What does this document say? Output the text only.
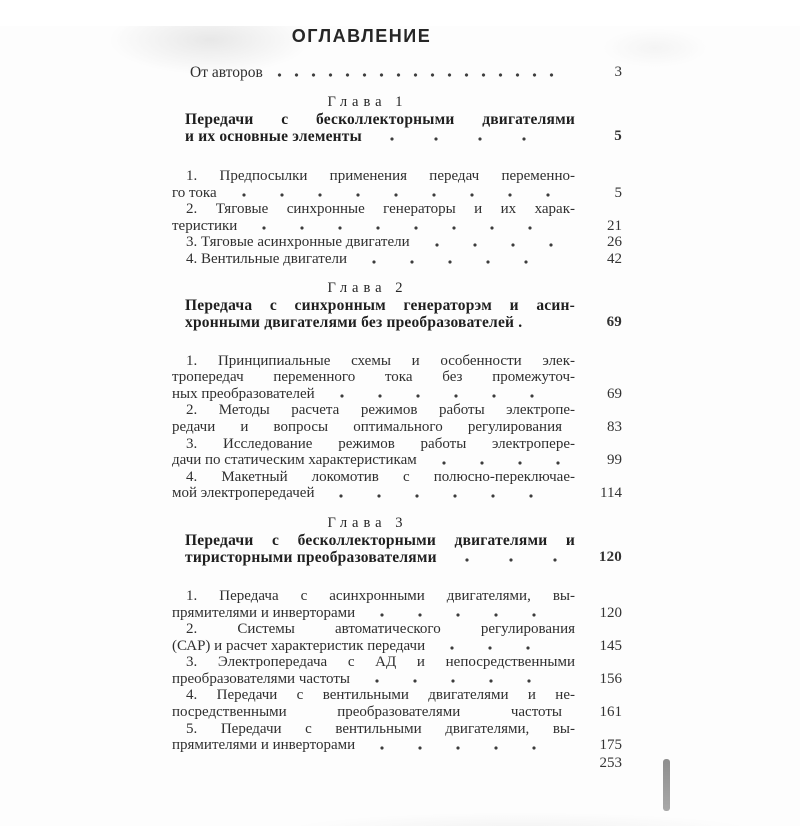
ОГЛАВЛЕНИЕ
От авторов	3
Глава 1
Передачи с бесколлекторными двигателями
и их основные элементы	5
1. Предпосылки применения передач переменно-
го тока	5
2. Тяговые синхронные генераторы и их харак-
теристики	21
3. Тяговые асинхронные двигатели	26
4. Вентильные двигатели	42
Глава 2
Передача с синхронным генераторэм и асин-
хронными двигателями без преобразователей .	69
1. Принципиальные схемы и особенности элек-
тропередач переменного тока без промежуточ-
ных преобразователей	69
2. Методы расчета режимов работы электропе-
редачи и вопросы оптимального регулирования	83
3. Исследование режимов работы электропере-
дачи по статическим характеристикам	99
4. Макетный локомотив с полюсно-переключае-
мой электропередачей	114
Глава 3
Передачи с бесколлекторными двигателями и
тиристорными преобразователями	120
1. Передача с асинхронными двигателями, вы-
прямителями и инверторами	120
2. Системы автоматического регулирования
(САР) и расчет характеристик передачи	145
3. Электропередача с АД и непосредственными
преобразователями частоты	156
4. Передачи с вентильными двигателями и не-
посредственными преобразователями частоты	161
5. Передачи с вентильными двигателями, вы-
прямителями и инверторами	175
253
